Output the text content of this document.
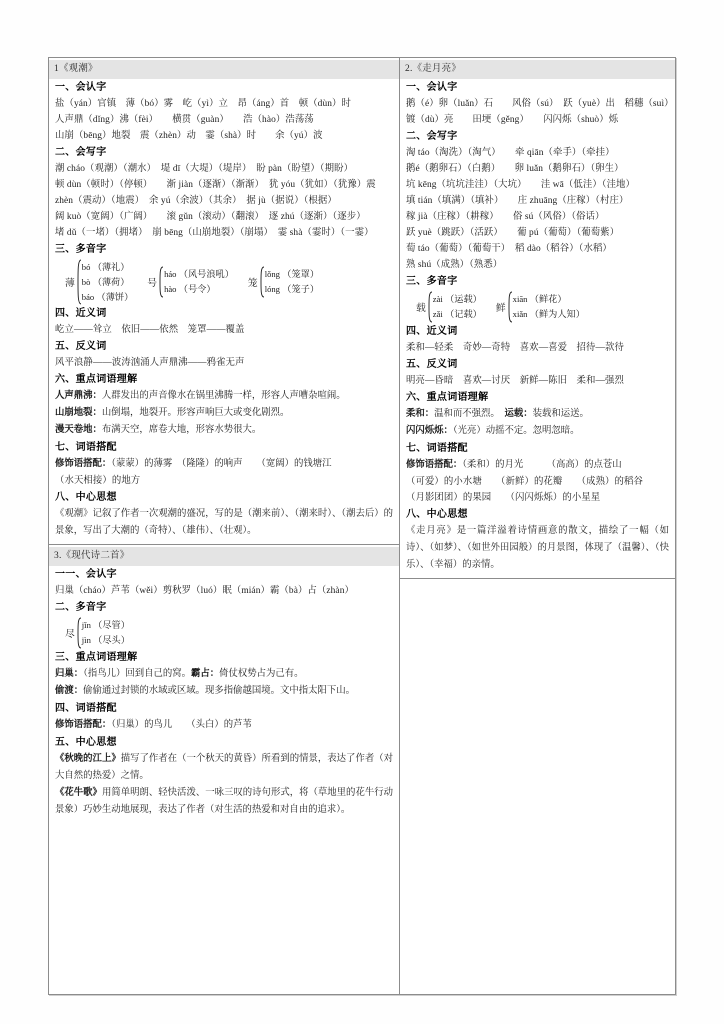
1《观潮》
一、会认字
盐（yán）官镇　薄（bó）雾　屹（yì）立　昂（áng）首　顿（dùn）时
人声鼎（dǐng）沸（fèi）　　横贯（guàn）　　浩（hào）浩荡荡
山崩（bēng）地裂　震（zhèn）动　霎（shà）时　　余（yú）波
二、会写字
潮 cháo（观潮）（潮水）　堤 dī（大堤）（堤岸）　盼 pàn（盼望）（期盼）
顿 dùn（顿时）（停顿）　　渐 jiàn（逐渐）（渐渐）　犹 yóu（犹如）（犹豫）震
zhèn（震动）（地震）　余 yú（余波）（其余）　据 jù（据说）（根据）
阔 kuò（宽阔）（广阔）　　滚 gǔn（滚动）（翻滚）　逐 zhú（逐渐）（逐步）
堵 dǔ（一堵）（拥堵）　崩 bēng（山崩地裂）（崩塌）　霎 shà（霎时）（一霎）
三、多音字
薄
bó （薄礼）
bò （薄荷）
báo （薄饼）
号
háo （风号浪吼）
hào （号令）	笼
lǒng （笼罩）
lóng （笼子）
四、近义词
屹立——耸立　依旧——依然　笼罩——覆盖
五、反义词
风平浪静——波涛汹涌人声鼎沸——鸦雀无声
六、重点词语理解
人声鼎沸：人群发出的声音像水在锅里沸腾一样，形容人声嘈杂喧闹。
山崩地裂：山倒塌，地裂开。形容声响巨大或变化剧烈。
漫天卷地：布满天空，席卷大地，形容水势很大。
七、词语搭配
修饰语搭配：（蒙蒙）的薄雾　（隆隆）的响声　　（宽阔）的钱塘江
（水天相接）的地方
八、中心思想
《观潮》记叙了作者一次观潮的盛况，写的是（潮来前）、（潮来时）、（潮去后）的景象，写出了大潮的（奇特）、（雄伟）、（壮观）。
3.《现代诗二首》
一一、会认字
归巢（cháo）芦苇（wěi）剪秋罗（luó）眠（mián）霸（bà）占（zhàn）
二、多音字
尽
jǐn （尽管）
jìn （尽头）
三、重点词语理解
归巢：（指鸟儿）回到自己的窝。霸占：倚仗权势占为己有。
偷渡：偷偷通过封锁的水域或区域。现多指偷越国境。文中指太阳下山。
四、词语搭配
修饰语搭配：（归巢）的鸟儿　　（头白）的芦苇
五、中心思想
《秋晚的江上》描写了作者在（一个秋天的黄昏）所看到的情景，表达了作者（对大自然的热爱）之情。
《花牛歌》用简单明朗、轻快活泼、一咏三叹的诗句形式，将（草地里的花牛行动景象）巧妙生动地展现，表达了作者（对生活的热爱和对自由的追求）。
2.《走月亮》
一、会认字
鹅（é）卵（luǎn）石　　风俗（sú）　跃（yuè）出　稻穗（suì）
镀（dù）亮　　田埂（gěng）　　闪闪烁（shuò）烁
二、会写字
淘 táo（淘洗）（淘气）　　牵 qiān（牵手）（牵挂）
鹅é（鹅卵石）（白鹅）　　卵 luǎn（鹅卵石）（卵生）
坑 kēng（坑坑洼洼）（大坑）　　洼 wā（低洼）（洼地）
填 tián（填满）（填补）　　庄 zhuāng（庄稼）（村庄）
稼 jià（庄稼）（耕稼）　　俗 sú（风俗）（俗话）
跃 yuè（跳跃）（活跃）　　葡 pú（葡萄）（葡萄紫）
萄 táo（葡萄）（葡萄干）　稻 dào（稻谷）（水稻）
熟 shú（成熟）（熟悉）
三、多音字
载
zài （运载）
zǎi （记载） 鲜
xiān （鲜花）
xiǎn （鲜为人知）
四、近义词
柔和—轻柔　奇妙—奇特　喜欢—喜爱　招待—款待
五、反义词
明亮—昏暗　喜欢—讨厌　新鲜—陈旧　柔和—强烈
六、重点词语理解
柔和：温和而不强烈。 运载：装载和运送。
闪闪烁烁：（光亮）动摇不定。忽明忽暗。
七、词语搭配
修饰语搭配：（柔和）的月光　　　（高高）的点苍山
（可爱）的小水塘　　（新鲜）的花瓣　　（成熟）的稻谷
（月影团团）的果园　　（闪闪烁烁）的小星星
八、中心思想
《走月亮》是一篇洋溢着诗情画意的散文，描绘了一幅（如诗）、（如梦）、（如世外田园般）的月景图，体现了（温馨）、（快乐）、（幸福）的亲情。
